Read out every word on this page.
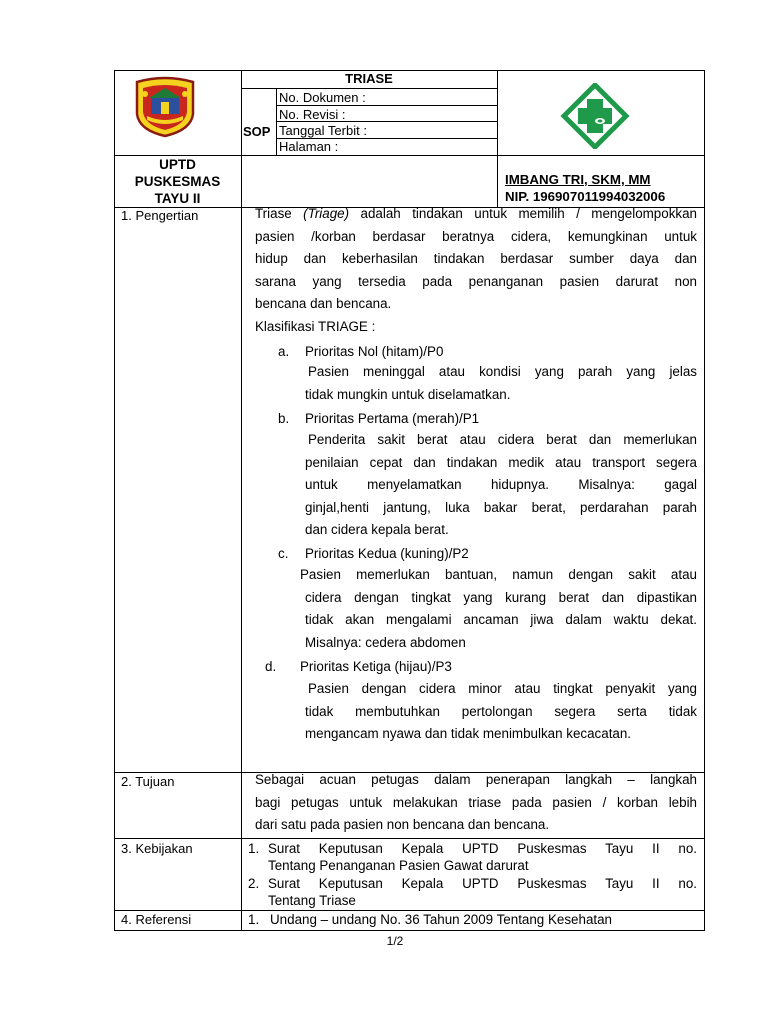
TRIASE
SOP
No. Dokumen :
No. Revisi :
Tanggal Terbit :
Halaman :
UPTD
PUSKESMAS
TAYU II
IMBANG TRI, SKM, MM
NIP. 196907011994032006
1. Pengertian	Triase (Triage) adalah tindakan untuk memilih / mengelompokkan

pasien /korban berdasar beratnya cidera, kemungkinan untuk

hidup dan keberhasilan tindakan berdasar sumber daya dan

sarana yang tersedia pada penanganan pasien darurat non

bencana dan bencana.

Klasifikasi TRIAGE :

a. Prioritas Nol (hitam)/P0

Pasien meninggal atau kondisi yang parah yang jelas

tidak mungkin untuk diselamatkan.

b. Prioritas Pertama (merah)/P1

Penderita sakit berat atau cidera berat dan memerlukan

penilaian cepat dan tindakan medik atau transport segera

untuk menyelamatkan hidupnya. Misalnya: gagal

ginjal,henti jantung, luka bakar berat, perdarahan parah

dan cidera kepala berat.

c. Prioritas Kedua (kuning)/P2

Pasien memerlukan bantuan, namun dengan sakit atau

cidera dengan tingkat yang kurang berat dan dipastikan

tidak akan mengalami ancaman jiwa dalam waktu dekat.

Misalnya: cedera abdomen

d. Prioritas Ketiga (hijau)/P3

Pasien dengan cidera minor atau tingkat penyakit yang

tidak membutuhkan pertolongan segera serta tidak

mengancam nyawa dan tidak menimbulkan kecacatan.

2. Tujuan	Sebagai acuan petugas dalam penerapan langkah – langkah

bagi petugas untuk melakukan triase pada pasien / korban lebih

dari satu pada pasien non bencana dan bencana.

3. Kebijakan	1. Surat Keputusan Kepala UPTD Puskesmas Tayu II no.

Tentang Penanganan Pasien Gawat darurat

2. Surat Keputusan Kepala UPTD Puskesmas Tayu II no.

Tentang Triase

4. Referensi	1. Undang – undang No. 36 Tahun 2009 Tentang Kesehatan
1/2
